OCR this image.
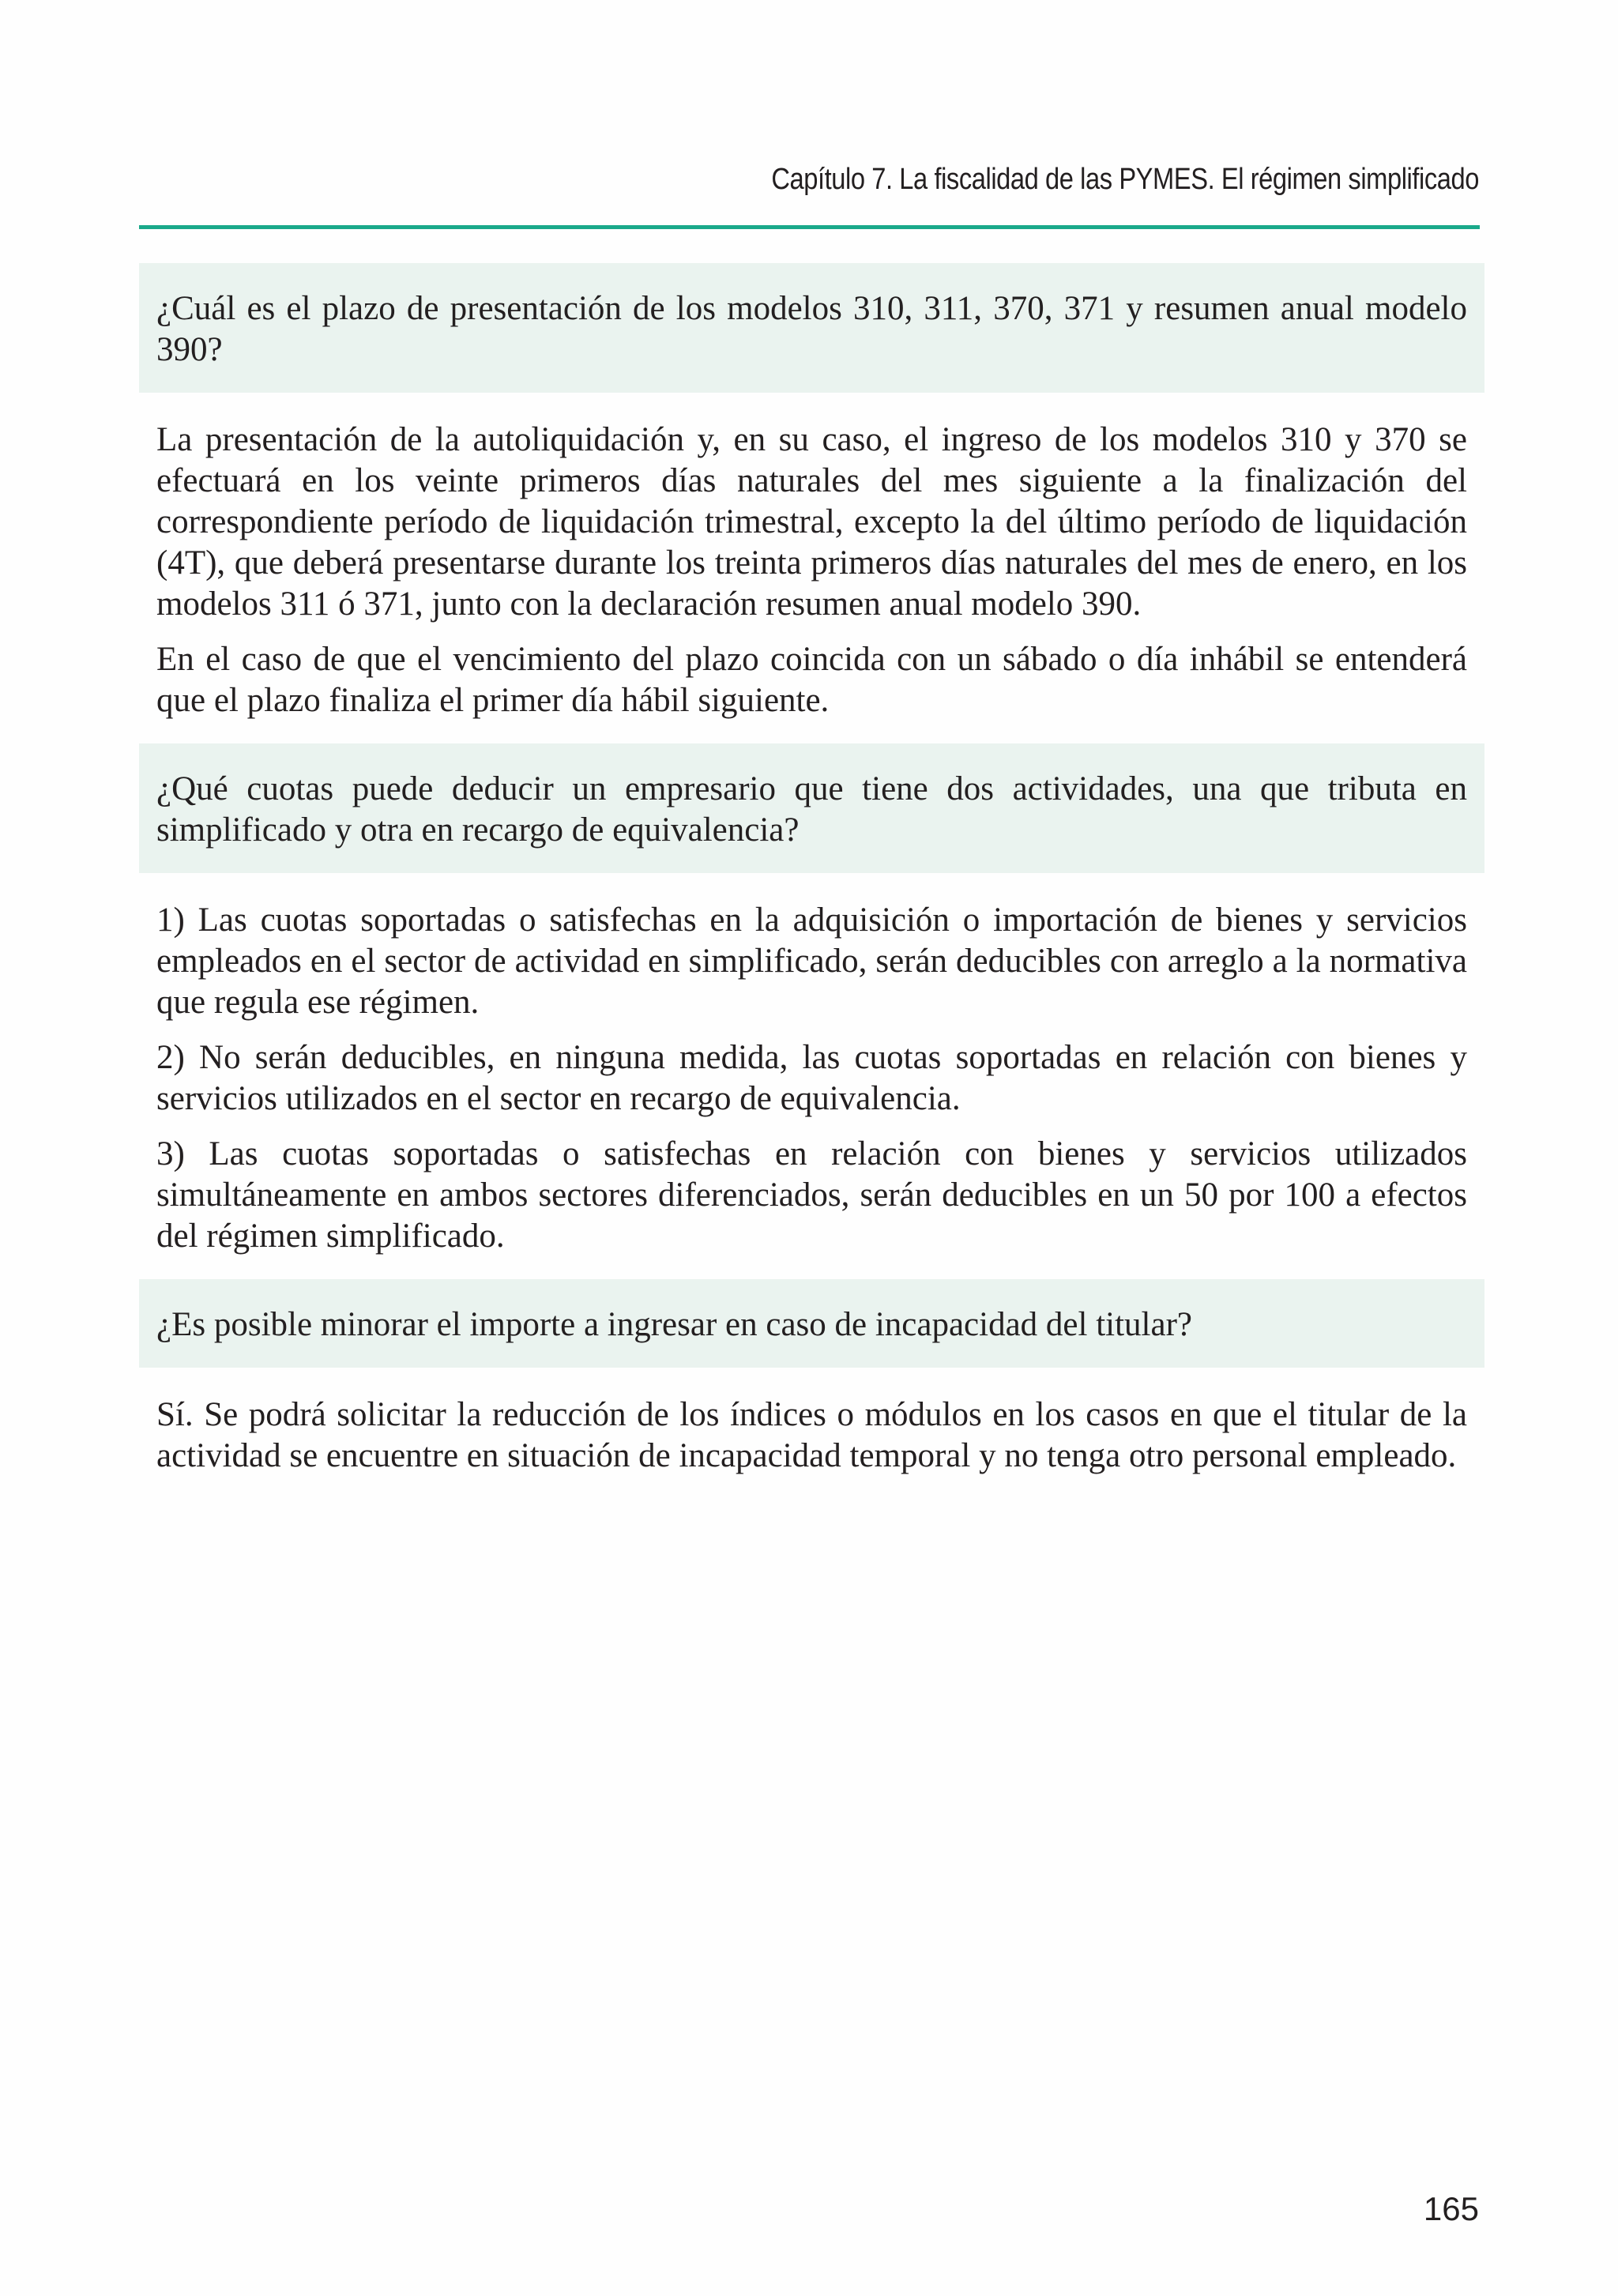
Capítulo 7. La fiscalidad de las PYMES. El régimen simplificado
¿Cuál es el plazo de presentación de los modelos 310, 311, 370, 371 y resumen anual modelo 390?

La presentación de la autoliquidación y, en su caso, el ingreso de los modelos 310 y 370 se efectuará en los veinte primeros días naturales del mes siguiente a la finalización del correspondiente período de liquidación trimestral, excepto la del último período de liquidación (4T), que deberá presentarse durante los treinta primeros días naturales del mes de enero, en los modelos 311 ó 371, junto con la declaración resumen anual modelo 390.

En el caso de que el vencimiento del plazo coincida con un sábado o día inhábil se entenderá que el plazo finaliza el primer día hábil siguiente.

¿Qué cuotas puede deducir un empresario que tiene dos actividades, una que tributa en simplificado y otra en recargo de equivalencia?

1) Las cuotas soportadas o satisfechas en la adquisición o importación de bienes y servicios empleados en el sector de actividad en simplificado, serán deducibles con arreglo a la normativa que regula ese régimen.

2) No serán deducibles, en ninguna medida, las cuotas soportadas en relación con bienes y servicios utilizados en el sector en recargo de equivalencia.

3) Las cuotas soportadas o satisfechas en relación con bienes y servicios utilizados simultáneamente en ambos sectores diferenciados, serán deducibles en un 50 por 100 a efectos del régimen simplificado.

¿Es posible minorar el importe a ingresar en caso de incapacidad del titular?

Sí. Se podrá solicitar la reducción de los índices o módulos en los casos en que el titular de la actividad se encuentre en situación de incapacidad temporal y no tenga otro personal empleado.

165
